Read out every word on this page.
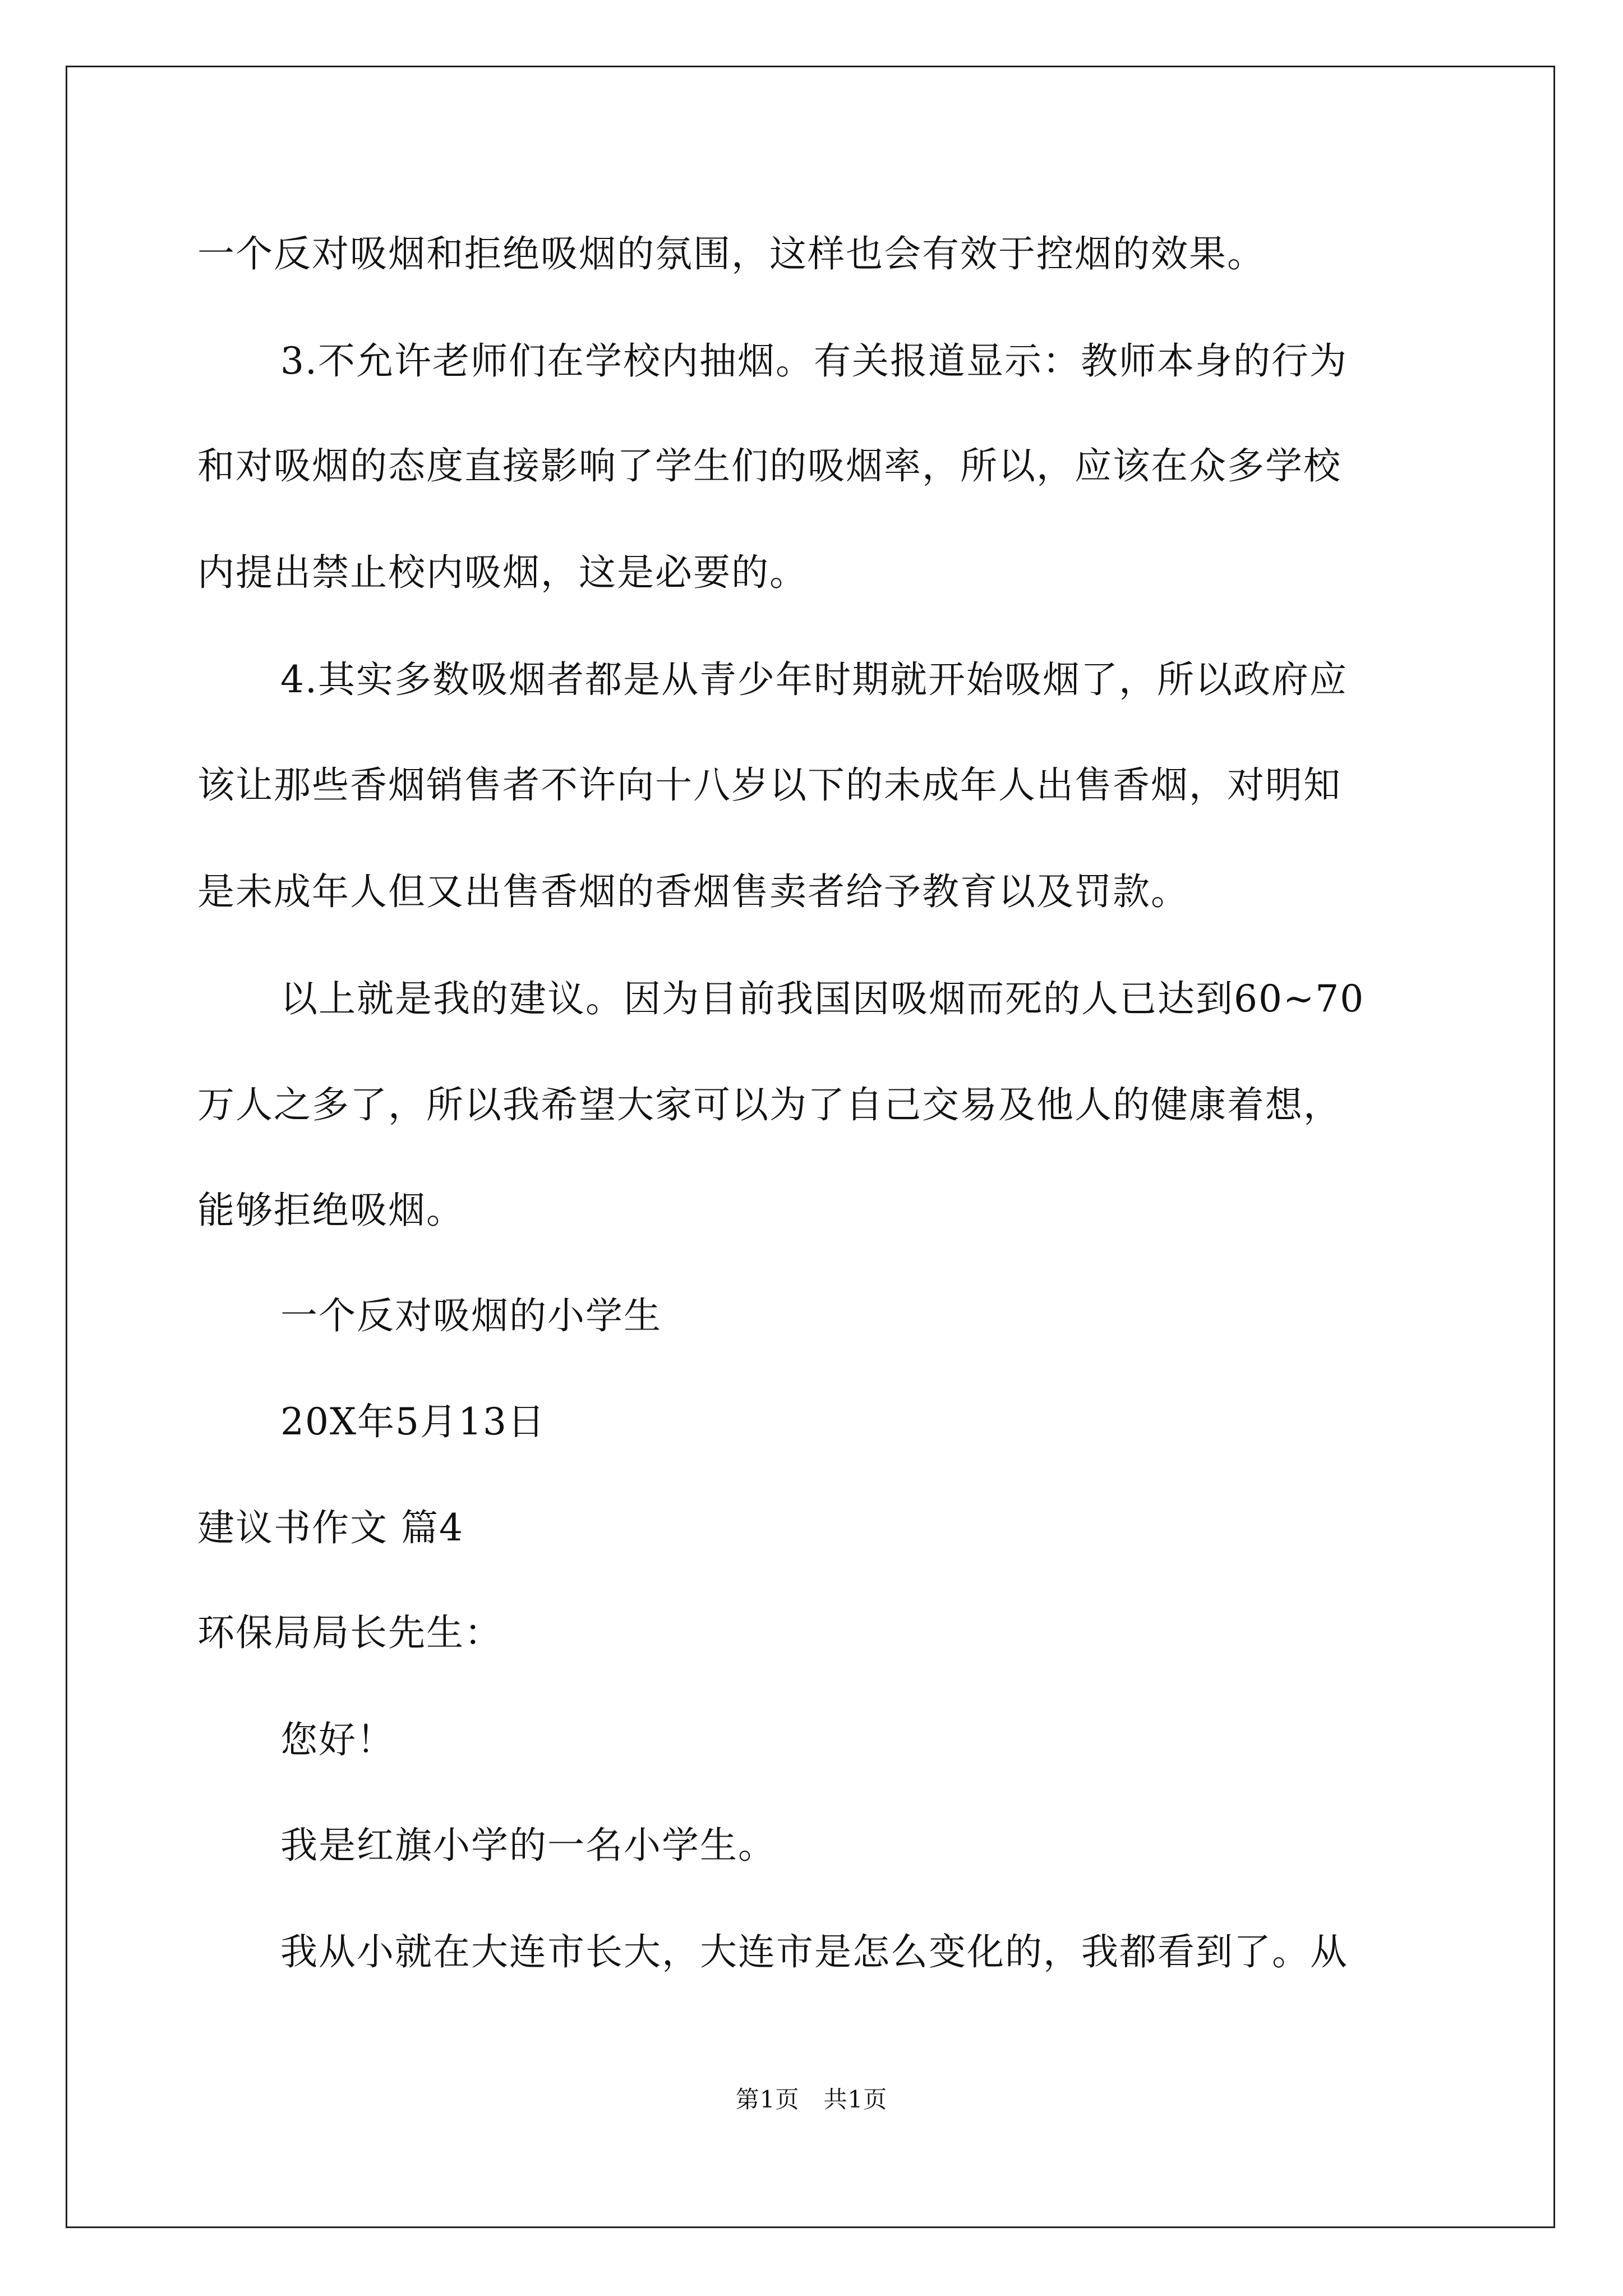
一个反对吸烟和拒绝吸烟的氛围，这样也会有效于控烟的效果。
3.不允许老师们在学校内抽烟。有关报道显示：教师本身的行为
和对吸烟的态度直接影响了学生们的吸烟率，所以，应该在众多学校
内提出禁止校内吸烟，这是必要的。
4.其实多数吸烟者都是从青少年时期就开始吸烟了，所以政府应
该让那些香烟销售者不许向十八岁以下的未成年人出售香烟，对明知
是未成年人但又出售香烟的香烟售卖者给予教育以及罚款。
以上就是我的建议。因为目前我国因吸烟而死的人已达到60~70
万人之多了，所以我希望大家可以为了自己交易及他人的健康着想，
能够拒绝吸烟。
一个反对吸烟的小学生
20X年5月13日
建议书作文 篇4
环保局局长先生：
您好！
我是红旗小学的一名小学生。
我从小就在大连市长大，大连市是怎么变化的，我都看到了。从
第1页　共1页
